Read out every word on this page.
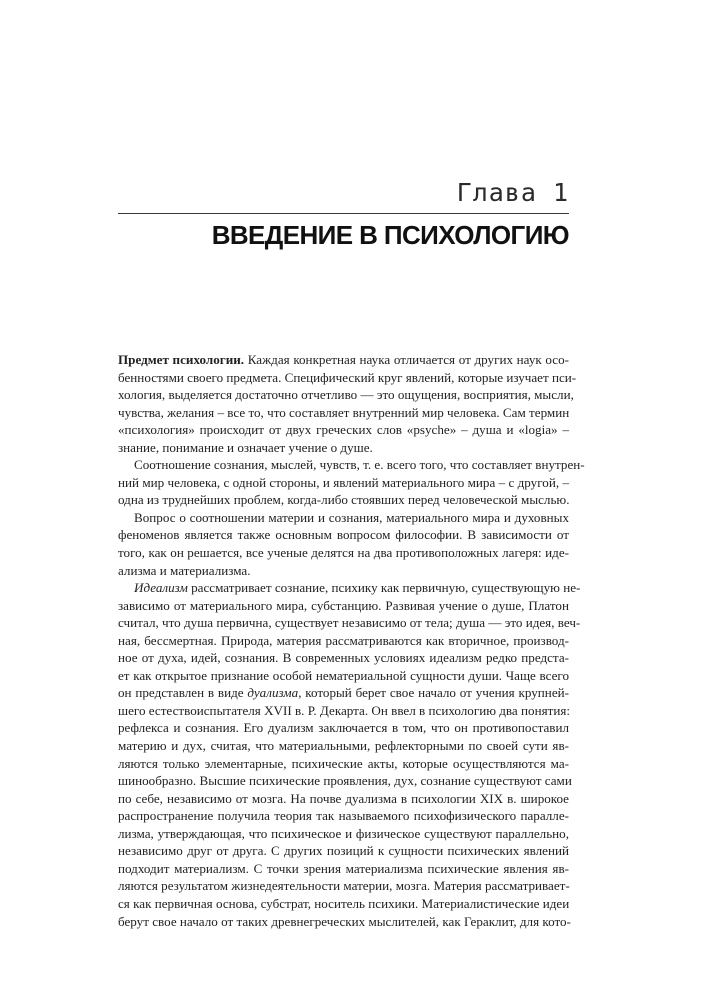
Глава 1
ВВЕДЕНИЕ В ПСИХОЛОГИЮ
Предмет психологии. Каждая конкретная наука отличается от других наук осо-
бенностями своего предмета. Специфический круг явлений, которые изучает пси-
хология, выделяется достаточно отчетливо — это ощущения, восприятия, мысли,
чувства, желания – все то, что составляет внутренний мир человека. Сам термин
«психология» происходит от двух греческих слов «psyche» – душа и «logia» –
знание, понимание и означает учение о душе.
Соотношение сознания, мыслей, чувств, т. е. всего того, что составляет внутрен-
ний мир человека, с одной стороны, и явлений материального мира – с другой, –
одна из труднейших проблем, когда-либо стоявших перед человеческой мыслью.
Вопрос о соотношении материи и сознания, материального мира и духовных
феноменов является также основным вопросом философии. В зависимости от
того, как он решается, все ученые делятся на два противоположных лагеря: иде-
ализма и материализма.
Идеализм рассматривает сознание, психику как первичную, существующую не-
зависимо от материального мира, субстанцию. Развивая учение о душе, Платон
считал, что душа первична, существует независимо от тела; душа — это идея, веч-
ная, бессмертная. Природа, материя рассматриваются как вторичное, производ-
ное от духа, идей, сознания. В современных условиях идеализм редко предста-
ет как открытое признание особой нематериальной сущности души. Чаще всего
он представлен в виде дуализма, который берет свое начало от учения крупней-
шего естествоиспытателя XVII в. Р. Декарта. Он ввел в психологию два понятия:
рефлекса и сознания. Его дуализм заключается в том, что он противопоставил
материю и дух, считая, что материальными, рефлекторными по своей сути яв-
ляются только элементарные, психические акты, которые осуществляются ма-
шинообразно. Высшие психические проявления, дух, сознание существуют сами
по себе, независимо от мозга. На почве дуализма в психологии XIX в. широкое
распространение получила теория так называемого психофизического паралле-
лизма, утверждающая, что психическое и физическое существуют параллельно,
независимо друг от друга. С других позиций к сущности психических явлений
подходит материализм. С точки зрения материализма психические явления яв-
ляются результатом жизнедеятельности материи, мозга. Материя рассматривает-
ся как первичная основа, субстрат, носитель психики. Материалистические идеи
берут свое начало от таких древнегреческих мыслителей, как Гераклит, для кото-
